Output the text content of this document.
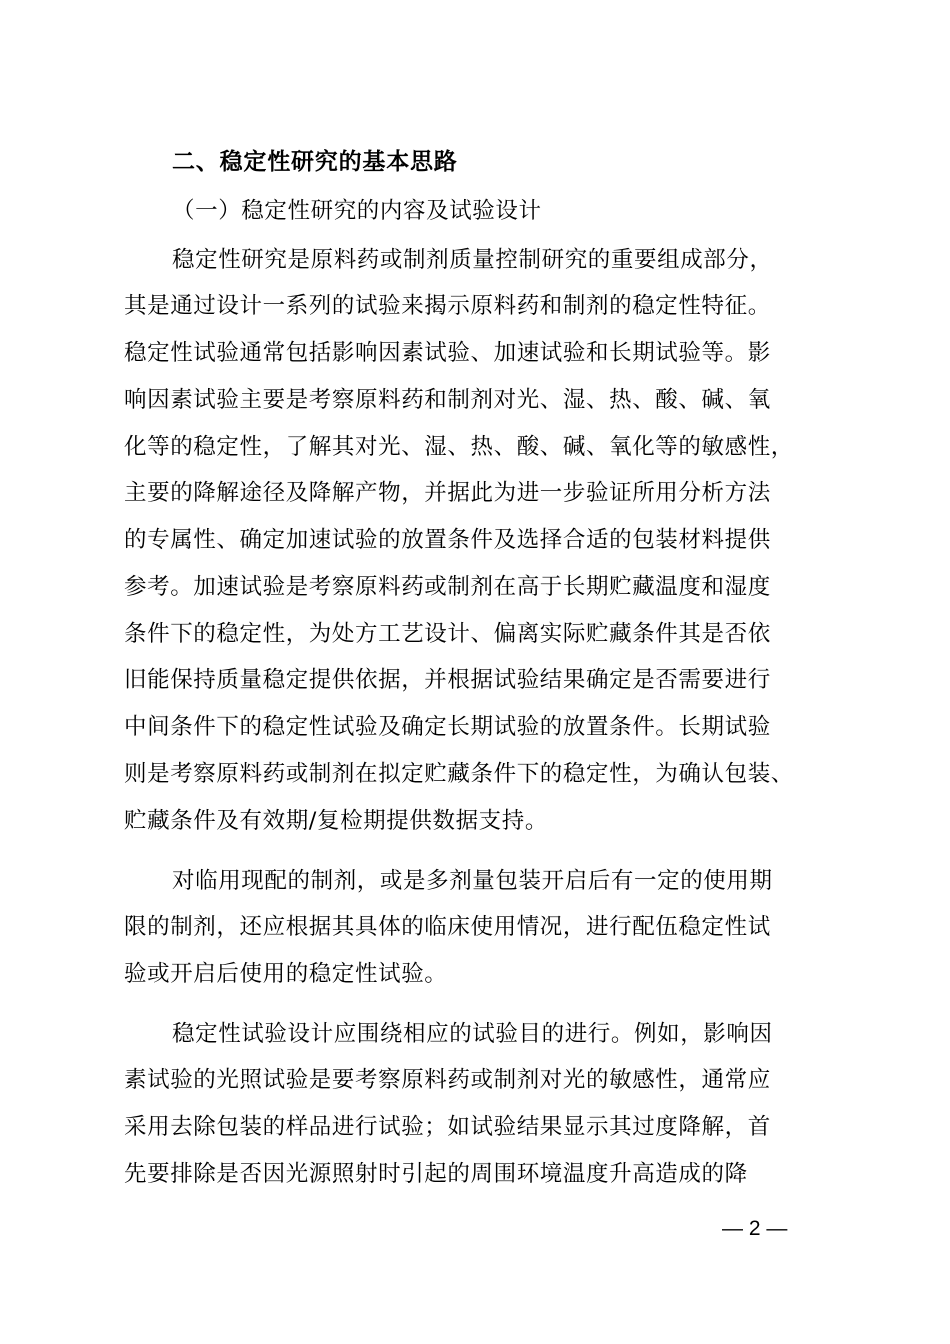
二、稳定性研究的基本思路
（一）稳定性研究的内容及试验设计
稳定性研究是原料药或制剂质量控制研究的重要组成部分，
其是通过设计一系列的试验来揭示原料药和制剂的稳定性特征。
稳定性试验通常包括影响因素试验、加速试验和长期试验等。影
响因素试验主要是考察原料药和制剂对光、湿、热、酸、碱、氧
化等的稳定性，了解其对光、湿、热、酸、碱、氧化等的敏感性，
主要的降解途径及降解产物，并据此为进一步验证所用分析方法
的专属性、确定加速试验的放置条件及选择合适的包装材料提供
参考。加速试验是考察原料药或制剂在高于长期贮藏温度和湿度
条件下的稳定性，为处方工艺设计、偏离实际贮藏条件其是否依
旧能保持质量稳定提供依据，并根据试验结果确定是否需要进行
中间条件下的稳定性试验及确定长期试验的放置条件。长期试验
则是考察原料药或制剂在拟定贮藏条件下的稳定性，为确认包装、
贮藏条件及有效期/复检期提供数据支持。
对临用现配的制剂，或是多剂量包装开启后有一定的使用期
限的制剂，还应根据其具体的临床使用情况，进行配伍稳定性试
验或开启后使用的稳定性试验。
稳定性试验设计应围绕相应的试验目的进行。例如，影响因
素试验的光照试验是要考察原料药或制剂对光的敏感性，通常应
采用去除包装的样品进行试验；如试验结果显示其过度降解，首
先要排除是否因光源照射时引起的周围环境温度升高造成的降
— 2 —
